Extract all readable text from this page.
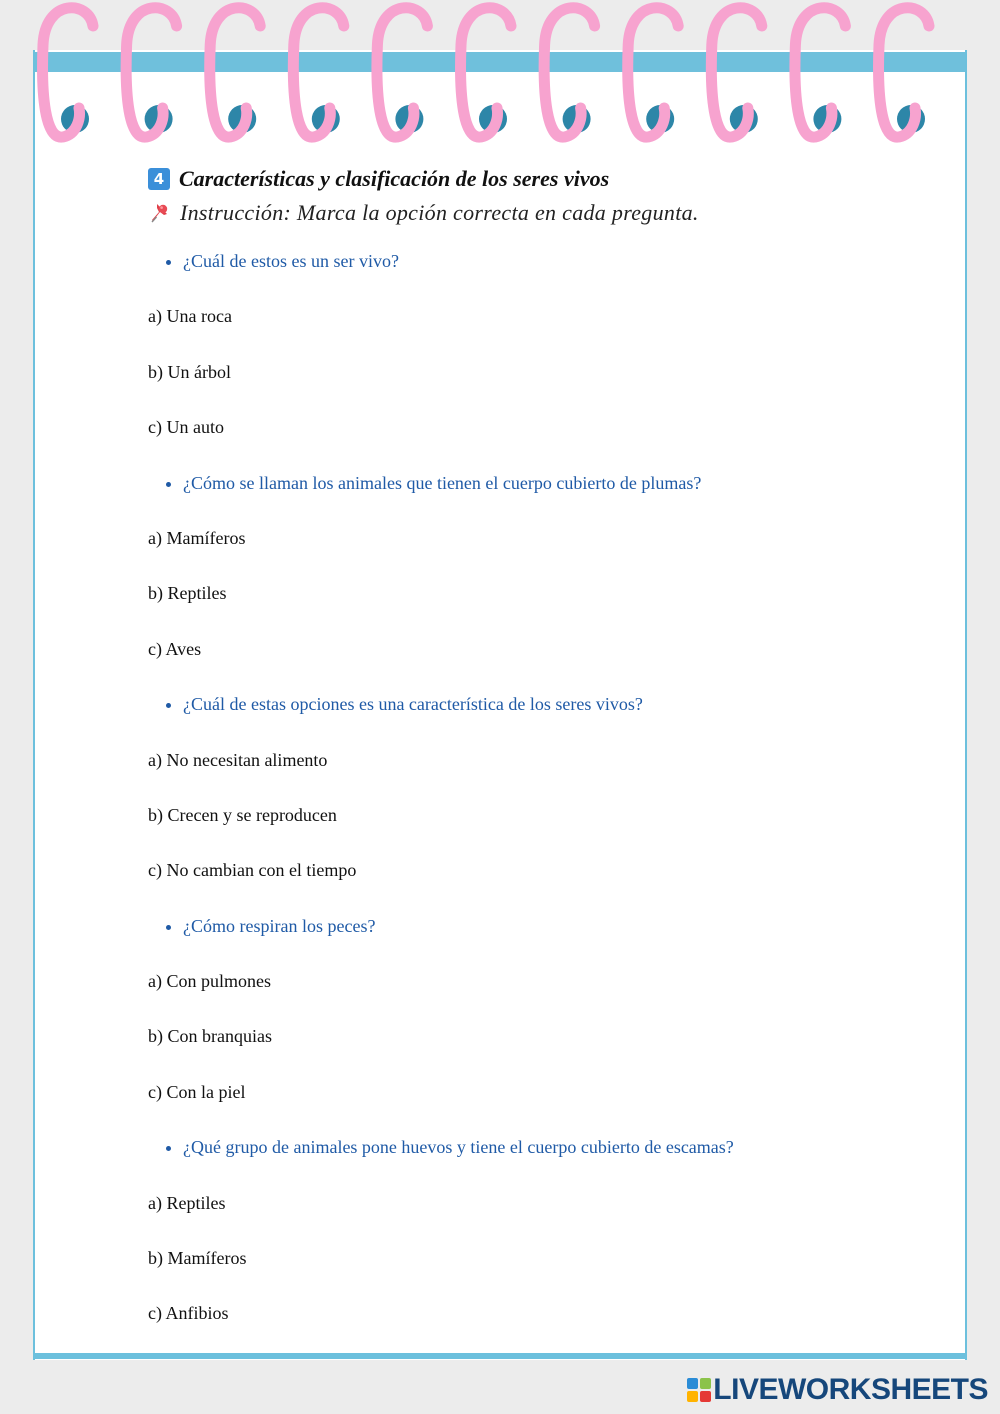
4 Características y clasificación de los seres vivos
Instrucción: Marca la opción correcta en cada pregunta.
¿Cuál de estos es un ser vivo?
a) Una roca
b) Un árbol
c) Un auto
¿Cómo se llaman los animales que tienen el cuerpo cubierto de plumas?
a) Mamíferos
b) Reptiles
c) Aves
¿Cuál de estas opciones es una característica de los seres vivos?
a) No necesitan alimento
b) Crecen y se reproducen
c) No cambian con el tiempo
¿Cómo respiran los peces?
a) Con pulmones
b) Con branquias
c) Con la piel
¿Qué grupo de animales pone huevos y tiene el cuerpo cubierto de escamas?
a) Reptiles
b) Mamíferos
c) Anfibios
LIVEWORKSHEETS
